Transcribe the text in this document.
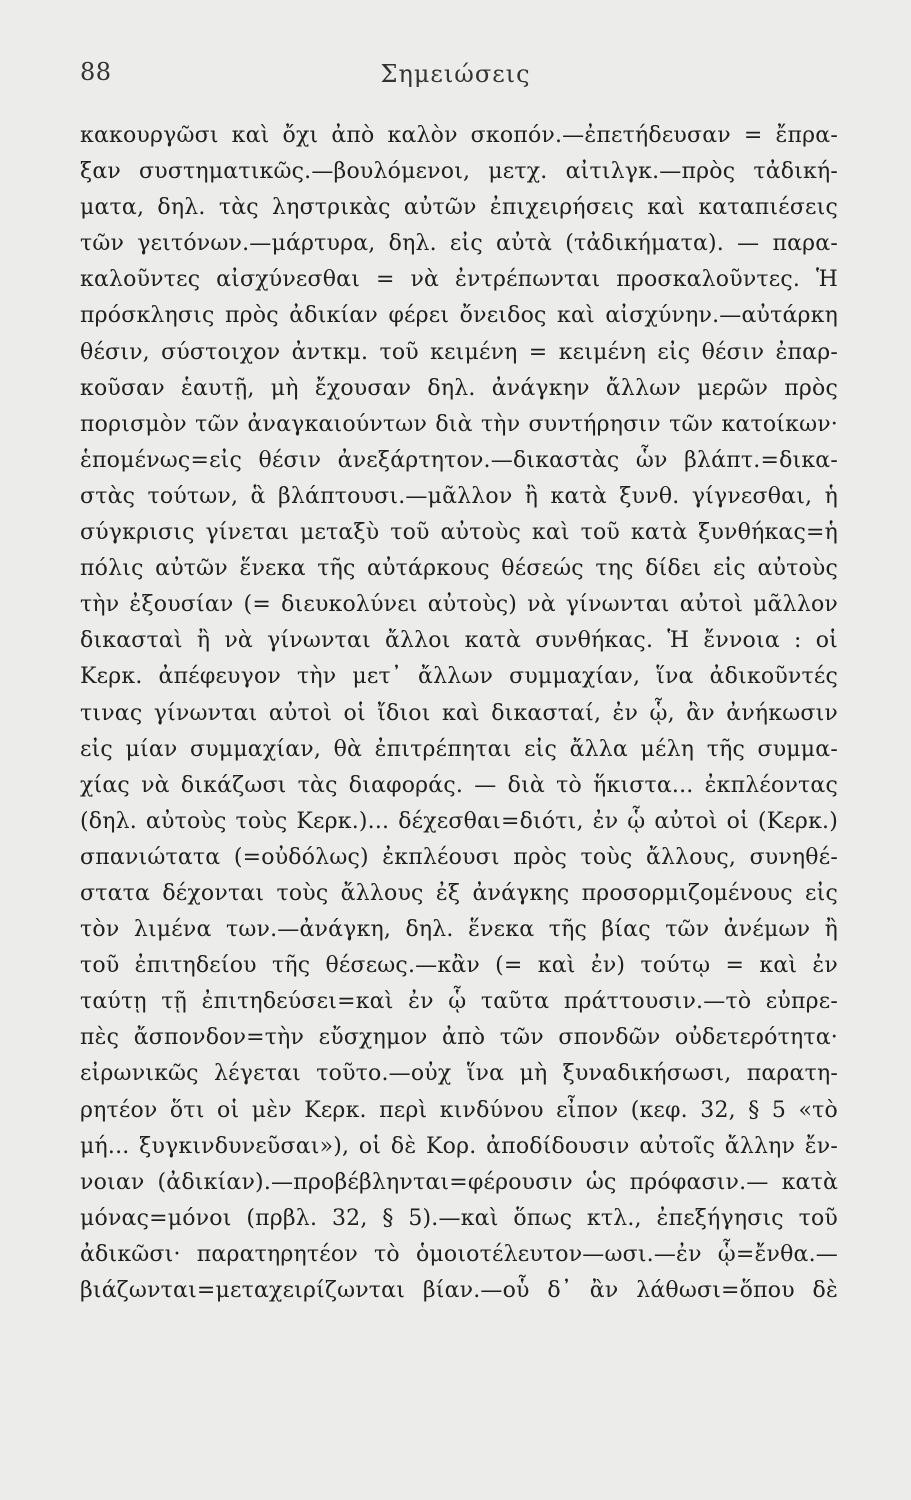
88	Σημειώσεις
κακουργῶσι καὶ ὄχι ἀπὸ καλὸν σκοπόν.—ἐπετήδευσαν = ἔπρα-
ξαν συστηματικῶς.—βουλόμενοι, μετχ. αἰτιλγκ.—πρὸς τἀδική-
ματα, δηλ. τὰς ληστρικὰς αὐτῶν ἐπιχειρήσεις καὶ καταπιέσεις
τῶν γειτόνων.—μάρτυρα, δηλ. εἰς αὐτὰ (τἀδικήματα). — παρα-
καλοῦντες αἰσχύνεσθαι = νὰ ἐντρέπωνται προσκαλοῦντες. Ἡ
πρόσκλησις πρὸς ἀδικίαν φέρει ὄνειδος καὶ αἰσχύνην.—αὐτάρκη
θέσιν, σύστοιχον ἀντκμ. τοῦ κειμένη = κειμένη εἰς θέσιν ἐπαρ-
κοῦσαν ἑαυτῇ, μὴ ἔχουσαν δηλ. ἀνάγκην ἄλλων μερῶν πρὸς
πορισμὸν τῶν ἀναγκαιούντων διὰ τὴν συντήρησιν τῶν κατοίκων·
ἑπομένως=εἰς θέσιν ἀνεξάρτητον.—δικαστὰς ὧν βλάπτ.=δικα-
στὰς τούτων, ἃ βλάπτουσι.—μᾶλλον ἢ κατὰ ξυνθ. γίγνεσθαι, ἡ
σύγκρισις γίνεται μεταξὺ τοῦ αὐτοὺς καὶ τοῦ κατὰ ξυνθήκας=ἡ
πόλις αὐτῶν ἕνεκα τῆς αὐτάρκους θέσεώς της δίδει εἰς αὐτοὺς
τὴν ἐξουσίαν (= διευκολύνει αὐτοὺς) νὰ γίνωνται αὐτοὶ μᾶλλον
δικασταὶ ἢ νὰ γίνωνται ἄλλοι κατὰ συνθήκας. Ἡ ἔννοια : οἱ
Κερκ. ἀπέφευγον τὴν μετ᾽ ἄλλων συμμαχίαν, ἵνα ἀδικοῦντές
τινας γίνωνται αὐτοὶ οἱ ἴδιοι καὶ δικασταί, ἐν ᾧ, ἂν ἀνήκωσιν
εἰς μίαν συμμαχίαν, θὰ ἐπιτρέπηται εἰς ἄλλα μέλη τῆς συμμα-
χίας νὰ δικάζωσι τὰς διαφοράς. — διὰ τὸ ἥκιστα... ἐκπλέοντας
(δηλ. αὐτοὺς τοὺς Κερκ.)... δέχεσθαι=διότι, ἐν ᾧ αὐτοὶ οἱ (Κερκ.)
σπανιώτατα (=οὐδόλως) ἐκπλέουσι πρὸς τοὺς ἄλλους, συνηθέ-
στατα δέχονται τοὺς ἄλλους ἐξ ἀνάγκης προσορμιζομένους εἰς
τὸν λιμένα των.—ἀνάγκη, δηλ. ἕνεκα τῆς βίας τῶν ἀνέμων ἢ
τοῦ ἐπιτηδείου τῆς θέσεως.—κἂν (= καὶ ἐν) τούτῳ = καὶ ἐν
ταύτῃ τῇ ἐπιτηδεύσει=καὶ ἐν ᾧ ταῦτα πράττουσιν.—τὸ εὐπρε-
πὲς ἄσπονδον=τὴν εὔσχημον ἀπὸ τῶν σπονδῶν οὐδετερότητα·
εἰρωνικῶς λέγεται τοῦτο.—οὐχ ἵνα μὴ ξυναδικήσωσι, παρατη-
ρητέον ὅτι οἱ μὲν Κερκ. περὶ κινδύνου εἶπον (κεφ. 32, § 5 «τὸ
μή... ξυγκινδυνεῦσαι»), οἱ δὲ Κορ. ἀποδίδουσιν αὐτοῖς ἄλλην ἔν-
νοιαν (ἀδικίαν).—προβέβληνται=φέρουσιν ὡς πρόφασιν.— κατὰ
μόνας=μόνοι (πρβλ. 32, § 5).—καὶ ὅπως κτλ., ἐπεξήγησις τοῦ
ἀδικῶσι· παρατηρητέον τὸ ὁμοιοτέλευτον—ωσι.—ἐν ᾧ=ἔνθα.—
βιάζωνται=μεταχειρίζωνται βίαν.—οὗ δ᾽ ἂν λάθωσι=ὅπου δὲ
